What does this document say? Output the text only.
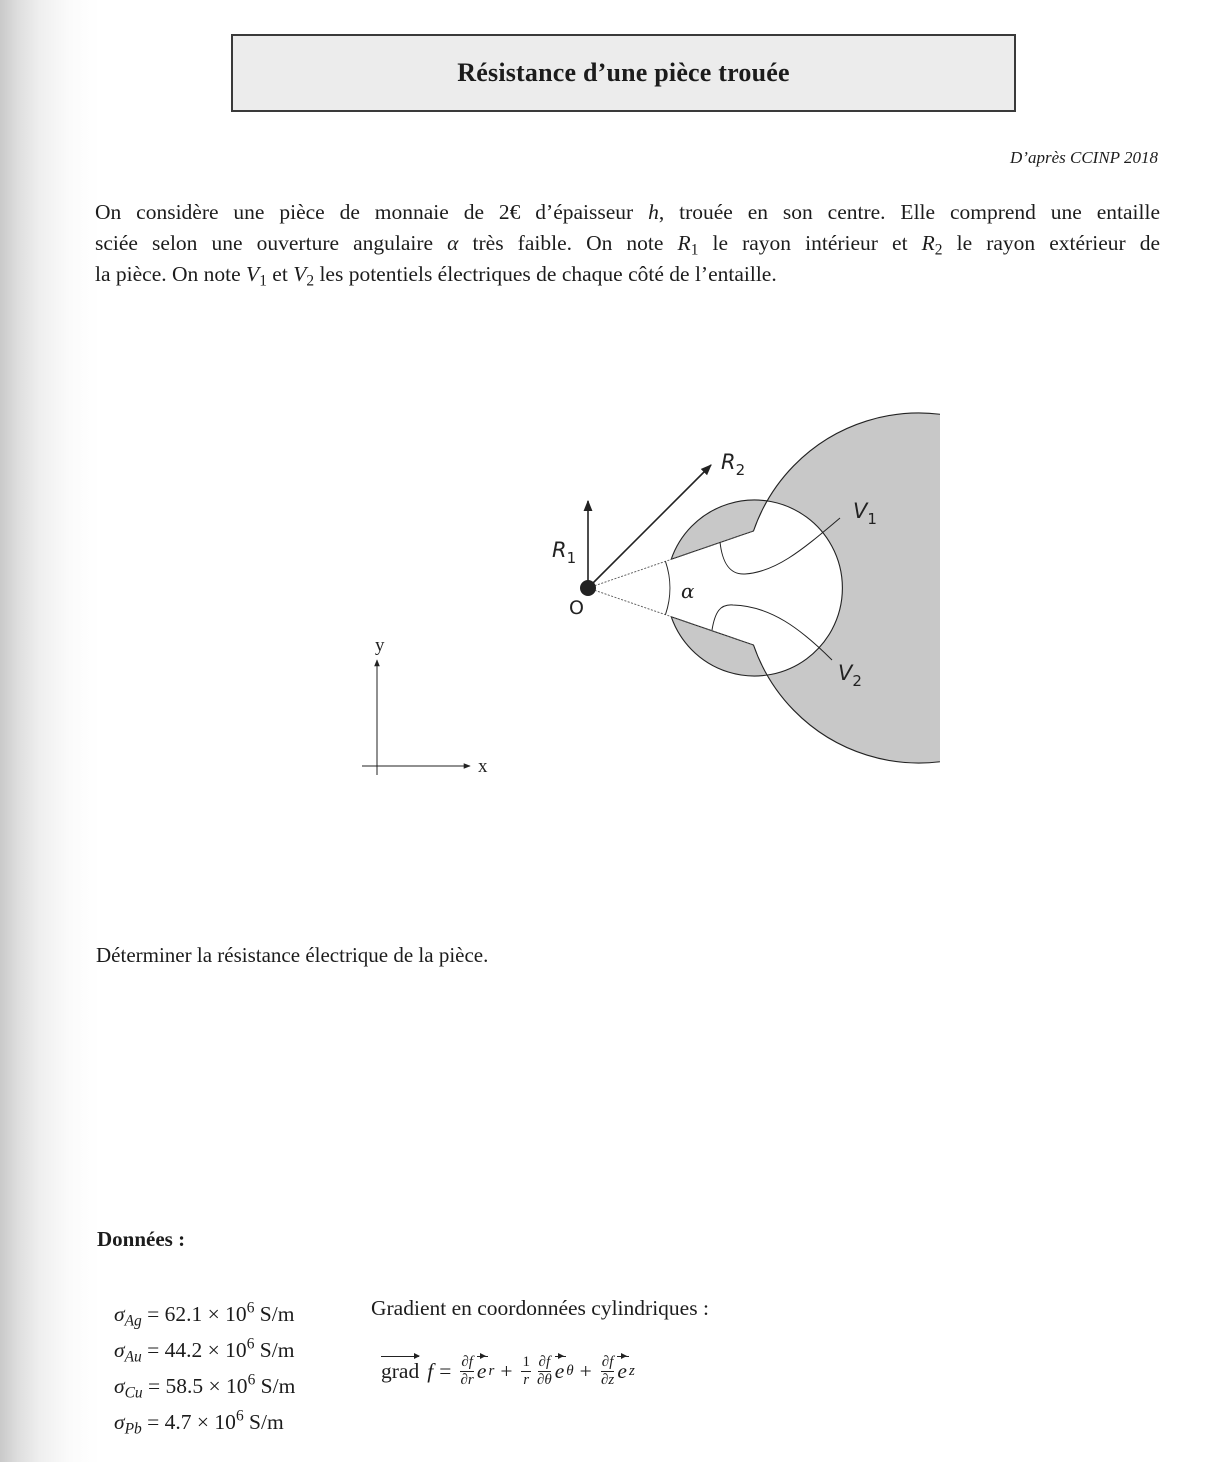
Résistance d’une pièce trouée
D’après CCINP 2018
On considère une pièce de monnaie de 2€ d’épaisseur h, trouée en son centre. Elle comprend une entaille
sciée selon une ouverture angulaire α très faible. On note $R_1$ le rayon intérieur et $R_2$ le rayon extérieur de
la pièce. On note $V_1$ et $V_2$ les potentiels électriques de chaque côté de l’entaille.
y
x
O
α
$R_1$
$R_2$
$V_1$
$V_2$
Déterminer la résistance électrique de la pièce.
Données :
$\sigma_{Ag} = 62.1 \times 10^6$ S/m
$\sigma_{Au} = 44.2 \times 10^6$ S/m
$\sigma_{Cu} = 58.5 \times 10^6$ S/m
$\sigma_{Pb} = 4.7 \times 10^6$ S/m
Gradient en coordonnées cylindriques :
grad $f = \frac{\partial f}{\partial r}$ e $r + \frac{1}{r} \frac{\partial f}{\partial\theta}$ e $\theta + \frac{\partial f}{\partial z}$ e z
